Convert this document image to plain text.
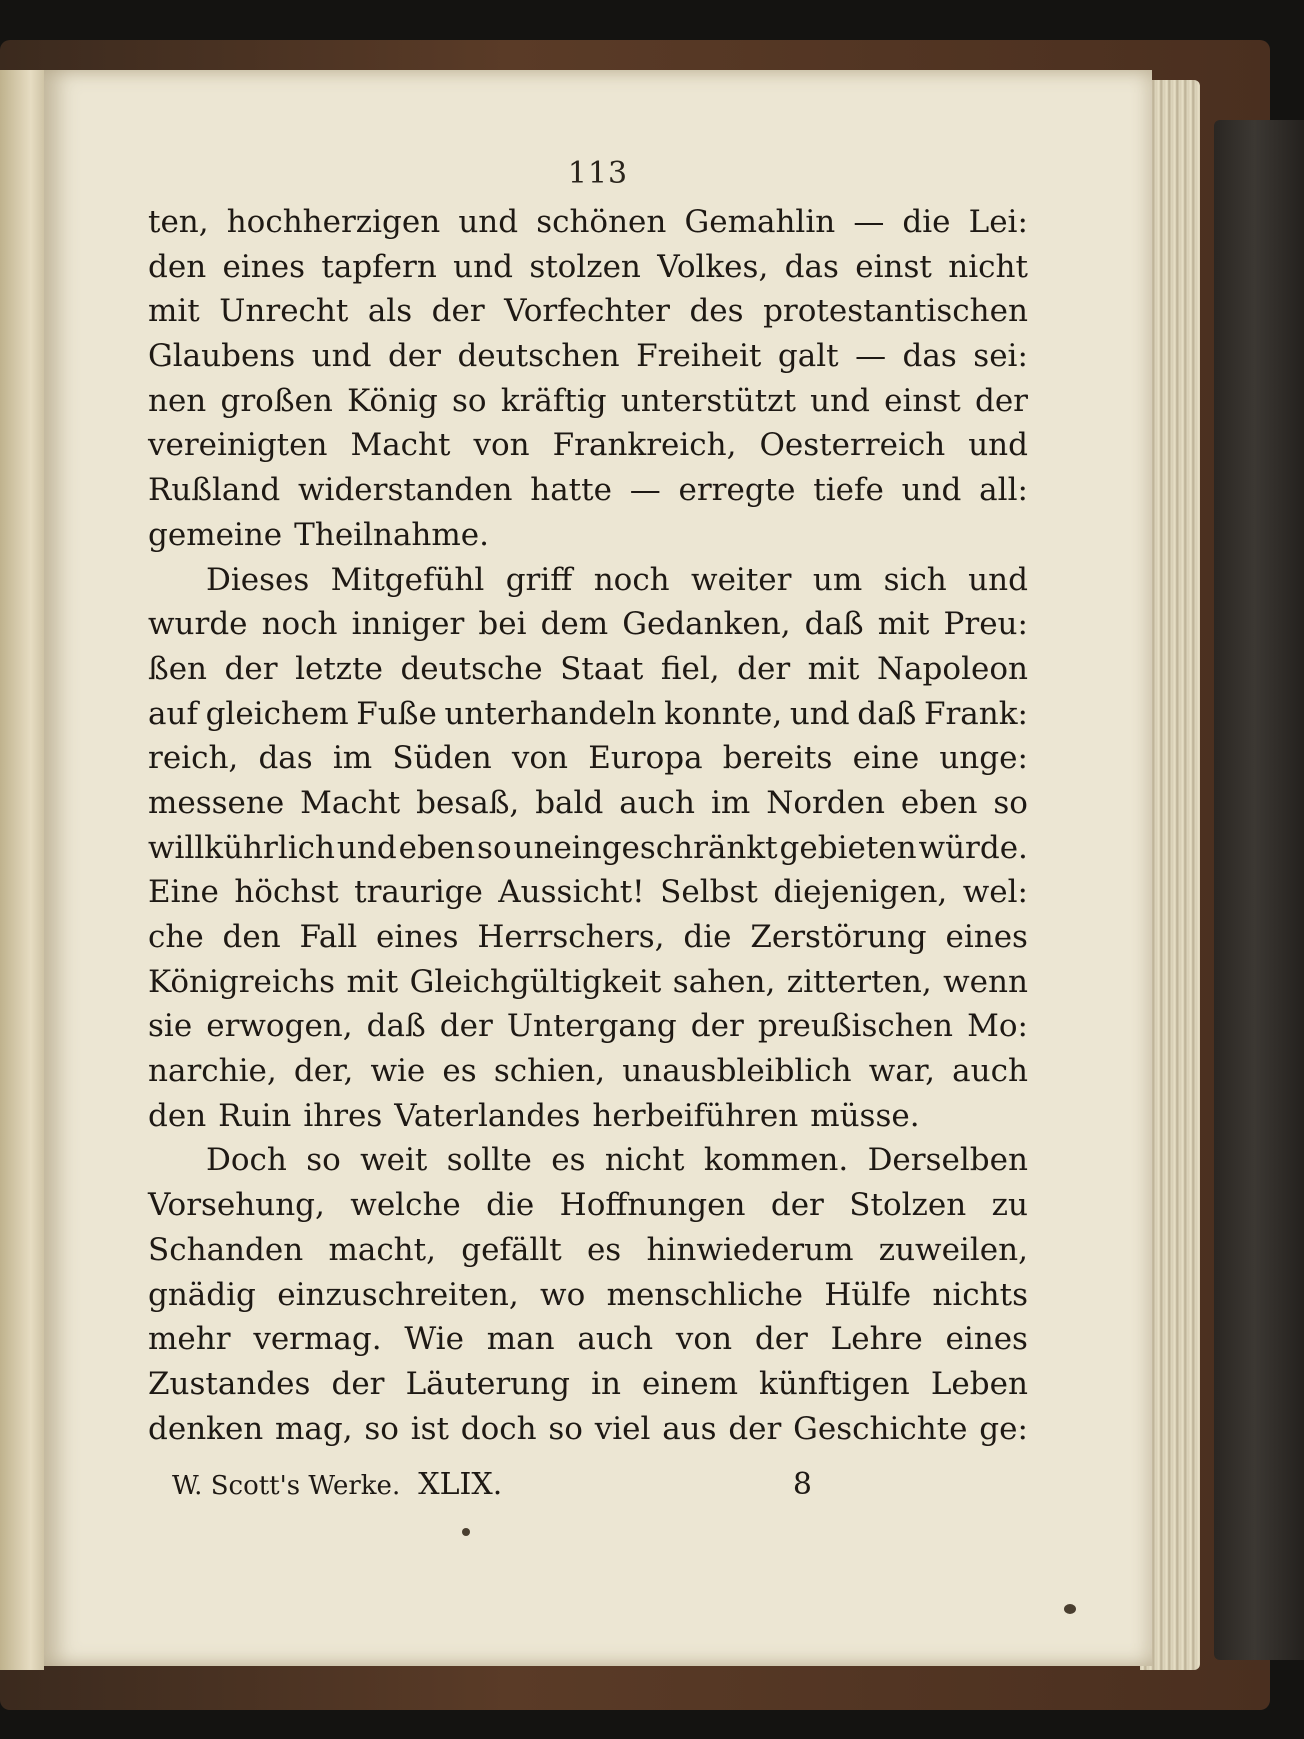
113
ten, hochherzigen und schönen Gemahlin — die Lei:
den eines tapfern und stolzen Volkes, das einst nicht
mit Unrecht als der Vorfechter des protestantischen
Glaubens und der deutschen Freiheit galt — das sei:
nen großen König so kräftig unterstützt und einst der
vereinigten Macht von Frankreich, Oesterreich und
Rußland widerstanden hatte — erregte tiefe und all:
gemeine Theilnahme.
Dieses Mitgefühl griff noch weiter um sich und
wurde noch inniger bei dem Gedanken, daß mit Preu:
ßen der letzte deutsche Staat fiel, der mit Napoleon
auf gleichem Fuße unterhandeln konnte, und daß Frank:
reich, das im Süden von Europa bereits eine unge:
messene Macht besaß, bald auch im Norden eben so
willkührlich und eben so uneingeschränkt gebieten würde.
Eine höchst traurige Aussicht! Selbst diejenigen, wel:
che den Fall eines Herrschers, die Zerstörung eines
Königreichs mit Gleichgültigkeit sahen, zitterten, wenn
sie erwogen, daß der Untergang der preußischen Mo:
narchie, der, wie es schien, unausbleiblich war, auch
den Ruin ihres Vaterlandes herbeiführen müsse.
Doch so weit sollte es nicht kommen. Derselben
Vorsehung, welche die Hoffnungen der Stolzen zu
Schanden macht, gefällt es hinwiederum zuweilen,
gnädig einzuschreiten, wo menschliche Hülfe nichts
mehr vermag. Wie man auch von der Lehre eines
Zustandes der Läuterung in einem künftigen Leben
denken mag, so ist doch so viel aus der Geschichte ge:
W. Scott's Werke. XLIX.	8
